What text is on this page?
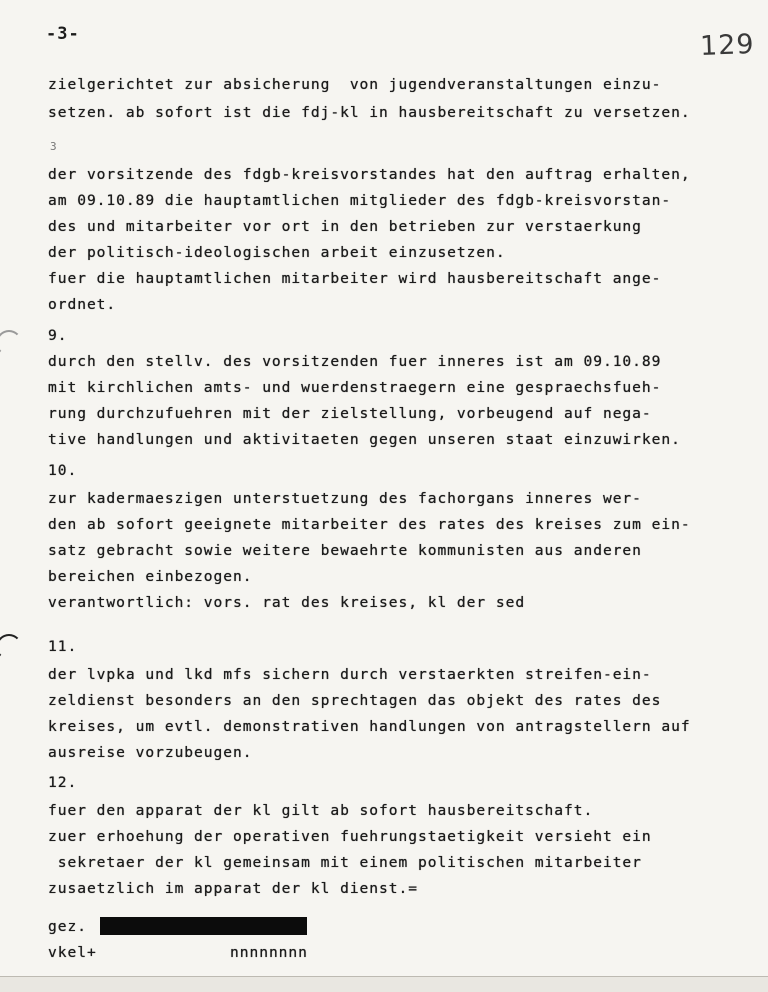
-3-	129
3
zielgerichtet zur absicherung  von jugendveranstaltungen einzu-
setzen. ab sofort ist die fdj-kl in hausbereitschaft zu versetzen.
der vorsitzende des fdgb-kreisvorstandes hat den auftrag erhalten,
am 09.10.89 die hauptamtlichen mitglieder des fdgb-kreisvorstan-
des und mitarbeiter vor ort in den betrieben zur verstaerkung
der politisch-ideologischen arbeit einzusetzen.
fuer die hauptamtlichen mitarbeiter wird hausbereitschaft ange-
ordnet.
9.
durch den stellv. des vorsitzenden fuer inneres ist am 09.10.89
mit kirchlichen amts- und wuerdenstraegern eine gespraechsfueh-
rung durchzufuehren mit der zielstellung, vorbeugend auf nega-
tive handlungen und aktivitaeten gegen unseren staat einzuwirken.
10.
zur kadermaeszigen unterstuetzung des fachorgans inneres wer-
den ab sofort geeignete mitarbeiter des rates des kreises zum ein-
satz gebracht sowie weitere bewaehrte kommunisten aus anderen
bereichen einbezogen.
verantwortlich: vors. rat des kreises, kl der sed
11.
der lvpka und lkd mfs sichern durch verstaerkten streifen-ein-
zeldienst besonders an den sprechtagen das objekt des rates des
kreises, um evtl. demonstrativen handlungen von antragstellern auf
ausreise vorzubeugen.
12.
fuer den apparat der kl gilt ab sofort hausbereitschaft.
zuer erhoehung der operativen fuehrungstaetigkeit versieht ein
sekretaer der kl gemeinsam mit einem politischen mitarbeiter
zusaetzlich im apparat der kl dienst.=
gez.
vkel+	nnnnnnnn
